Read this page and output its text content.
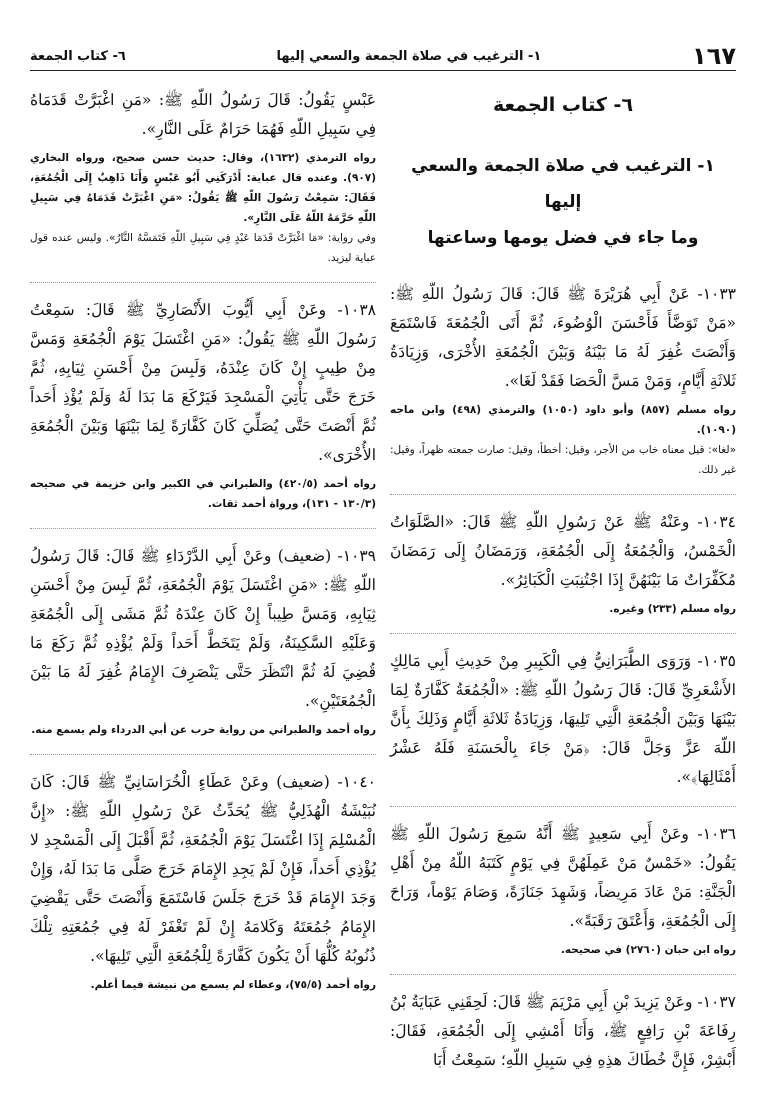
١٦٧
١- الترغيب في صلاة الجمعة والسعي إليها
٦- كتاب الجمعة
٦- كتاب الجمعة
١- الترغيب في صلاة الجمعة والسعي إليها
وما جاء في فضل يومها وساعتها

١٠٣٣- عَنْ أَبِي هُرَيْرَةَ ﷺ قَالَ: قَالَ رَسُولُ اللّهِ ﷺ: «مَنْ تَوَضَّأَ فَأَحْسَنَ الْوُضُوءَ، ثُمَّ أَتَى الْجُمُعَةَ فَاسْتَمَعَ وَأَنْصَتَ غُفِرَ لَهُ مَا بَيْنَهُ وَبَيْنَ الْجُمُعَةِ الأُخْرَى، وَزِيَادَةُ ثَلاثَةِ أَيَّامٍ، وَمَنْ مَسَّ الْحَصَا فَقَدْ لَغَا».

رواه مسلم (٨٥٧) وأبو داود (١٠٥٠) والترمذي (٤٩٨) وابن ماجه (١٠٩٠).

«لغا»: قيل معناه خاب من الأجر، وقيل: أخطأ، وقيل: صارت جمعته ظهراً، وقيل: غير ذلك.

١٠٣٤- وعَنْهُ ﷺ عَنْ رَسُولِ اللّهِ ﷺ قَالَ: «الصَّلَوَاتُ الْخَمْسُ، وَالْجُمُعَةُ إِلَى الْجُمُعَةِ، وَرَمَضَانُ إِلَى رَمَضَانَ مُكَفِّرَاتٌ مَا بَيْنَهُنَّ إِذَا اجْتُنِبَتِ الْكَبَائِرُ».

رواه مسلم (٢٣٣) وغيره.

١٠٣٥- وَرَوَى الطَّبَرَانِيُّ فِي الْكَبِيرِ مِنْ حَدِيثِ أَبِي مَالِكٍ الأَشْعَرِيِّ قَالَ: قَالَ رَسُولُ اللّهِ ﷺ: «الْجُمُعَةُ كَفَّارَةٌ لِمَا بَيْنَهَا وَبَيْنَ الْجُمُعَةِ الَّتِي تَلِيهَا، وَزِيَادَةُ ثَلاثَةِ أَيَّامٍ وَذَلِكَ بِأَنَّ اللّهَ عَزَّ وَجَلَّ قَالَ: ﴿مَنْ جَاءَ بِالْحَسَنَةِ فَلَهُ عَشْرُ أَمْثَالِهَا﴾».

١٠٣٦- وعَنْ أَبِي سَعِيدٍ ﷺ أَنَّهُ سَمِعَ رَسُولَ اللّهِ ﷺ يَقُولُ: «خَمْسٌ مَنْ عَمِلَهُنَّ فِي يَوْمٍ كَتَبَهُ اللّهُ مِنْ أَهْلِ الْجَنَّةِ: مَنْ عَادَ مَرِيضاً، وَشَهِدَ جَنَازَةً، وَصَامَ يَوْماً، وَرَاحَ إِلَى الْجُمُعَةِ، وَأَعْتَقَ رَقَبَةً».

رواه ابن حبان (٢٧٦٠) في صحيحه.

١٠٣٧- وعَنْ يَزِيدَ بْنِ أَبِي مَرْيَمَ ﷺ قَالَ: لَحِقَنِي عَبَايَةُ بْنُ رِفَاعَةَ بْنِ رَافِعٍ ﷺ، وَأَنَا أَمْشِي إِلَى الْجُمُعَةِ، فَقَالَ: أَبْشِرْ، فَإِنَّ خُطَاكَ هذِهِ فِي سَبِيلِ اللّهِ؛ سَمِعْتُ أَبَا

عَبْسٍ يَقُولُ: قَالَ رَسُولُ اللّهِ ﷺ: «مَنِ اغْبَرَّتْ قَدَمَاهُ فِي سَبِيلِ اللّهِ فَهُمَا حَرَامٌ عَلَى النَّارِ».

رواه الترمذي (١٦٣٢)، وقال: حديث حسن صحيح، ورواه البخاري (٩٠٧). وعنده قال عباية: أَدْرَكَنِي أَبُو عَبْسٍ وَأَنَا ذَاهِبٌ إِلَى الْجُمُعَةِ، فَقَالَ: سَمِعْتُ رَسُولَ اللّهِ ﷺ يَقُولُ: «مَنِ اغْبَرَّتْ قَدَمَاهُ فِي سَبِيلِ اللّهِ حَرَّمَهُ اللّهُ عَلَى النَّارِ».

وفي رواية: «مَا اغْبَرَّتْ قَدَمَا عَبْدٍ فِي سَبِيلِ اللّهِ فَتَمَسَّهُ النَّارُ». وليس عنده قول عباية ليزيد.

١٠٣٨- وعَنْ أَبِي أَيُّوبَ الأَنْصَارِيِّ ﷺ قَالَ: سَمِعْتُ رَسُولَ اللّهِ ﷺ يَقُولُ: «مَنِ اغْتَسَلَ يَوْمَ الْجُمُعَةِ وَمَسَّ مِنْ طِيبٍ إِنْ كَانَ عِنْدَهُ، وَلَبِسَ مِنْ أَحْسَنِ ثِيَابِهِ، ثُمَّ خَرَجَ حَتَّى يَأْتِيَ الْمَسْجِدَ فَيَرْكَعَ مَا بَدَا لَهُ وَلَمْ يُؤْذِ أَحَداً ثُمَّ أَنْصَتَ حَتَّى يُصَلِّيَ كَانَ كَفَّارَةً لِمَا بَيْنَهَا وَبَيْنَ الْجُمُعَةِ الأُخْرَى».

رواه أحمد (٤٢٠/٥) والطبراني في الكبير وابن خزيمة في صحيحه (١٣٠/٣ - ١٣١)، ورواة أحمد ثقات.

١٠٣٩- (ضعيف) وعَنْ أَبِي الدَّرْدَاءِ ﷺ قَالَ: قَالَ رَسُولُ اللّهِ ﷺ: «مَنِ اغْتَسَلَ يَوْمَ الْجُمُعَةِ، ثُمَّ لَبِسَ مِنْ أَحْسَنِ ثِيَابِهِ، وَمَسَّ طِيباً إِنْ كَانَ عِنْدَهُ ثُمَّ مَشَى إِلَى الْجُمُعَةِ وَعَلَيْهِ السَّكِينَةُ، وَلَمْ يَتَخَطَّ أَحَداً وَلَمْ يُؤْذِهِ ثُمَّ رَكَعَ مَا قُضِيَ لَهُ ثُمَّ انْتَظَرَ حَتَّى يَنْصَرِفَ الإِمَامُ غُفِرَ لَهُ مَا بَيْنَ الْجُمُعَتَيْنِ».

رواه أحمد والطبراني من رواية حرب عن أبي الدرداء ولم يسمع منه.

١٠٤٠- (ضعيف) وعَنْ عَطَاءٍ الْخُرَاسَانِيِّ ﷺ قَالَ: كَانَ نُبَيْشَةُ الْهُذَلِيُّ ﷺ يُحَدِّثُ عَنْ رَسُولِ اللّهِ ﷺ: «إِنَّ الْمُسْلِمَ إِذَا اغْتَسَلَ يَوْمَ الْجُمُعَةِ، ثُمَّ أَقْبَلَ إِلَى الْمَسْجِدِ لا يُؤْذِي أَحَداً، فَإِنْ لَمْ يَجِدِ الإِمَامَ خَرَجَ صَلَّى مَا بَدَا لَهُ، وَإِنْ وَجَدَ الإِمَامَ قَدْ خَرَجَ جَلَسَ فَاسْتَمَعَ وَأَنْصَتَ حَتَّى يَقْضِيَ الإِمَامُ جُمُعَتَهُ وَكَلامَهُ إِنْ لَمْ تَغْفَرْ لَهُ فِي جُمُعَتِهِ تِلْكَ ذُنُوبُهُ كُلُّهَا أَنْ يَكُونَ كَفَّارَةً لِلْجُمُعَةِ الَّتِي تَلِيهَا».

رواه أحمد (٧٥/٥)، وعطاء لم يسمع من نبيشة فيما أعلم.
